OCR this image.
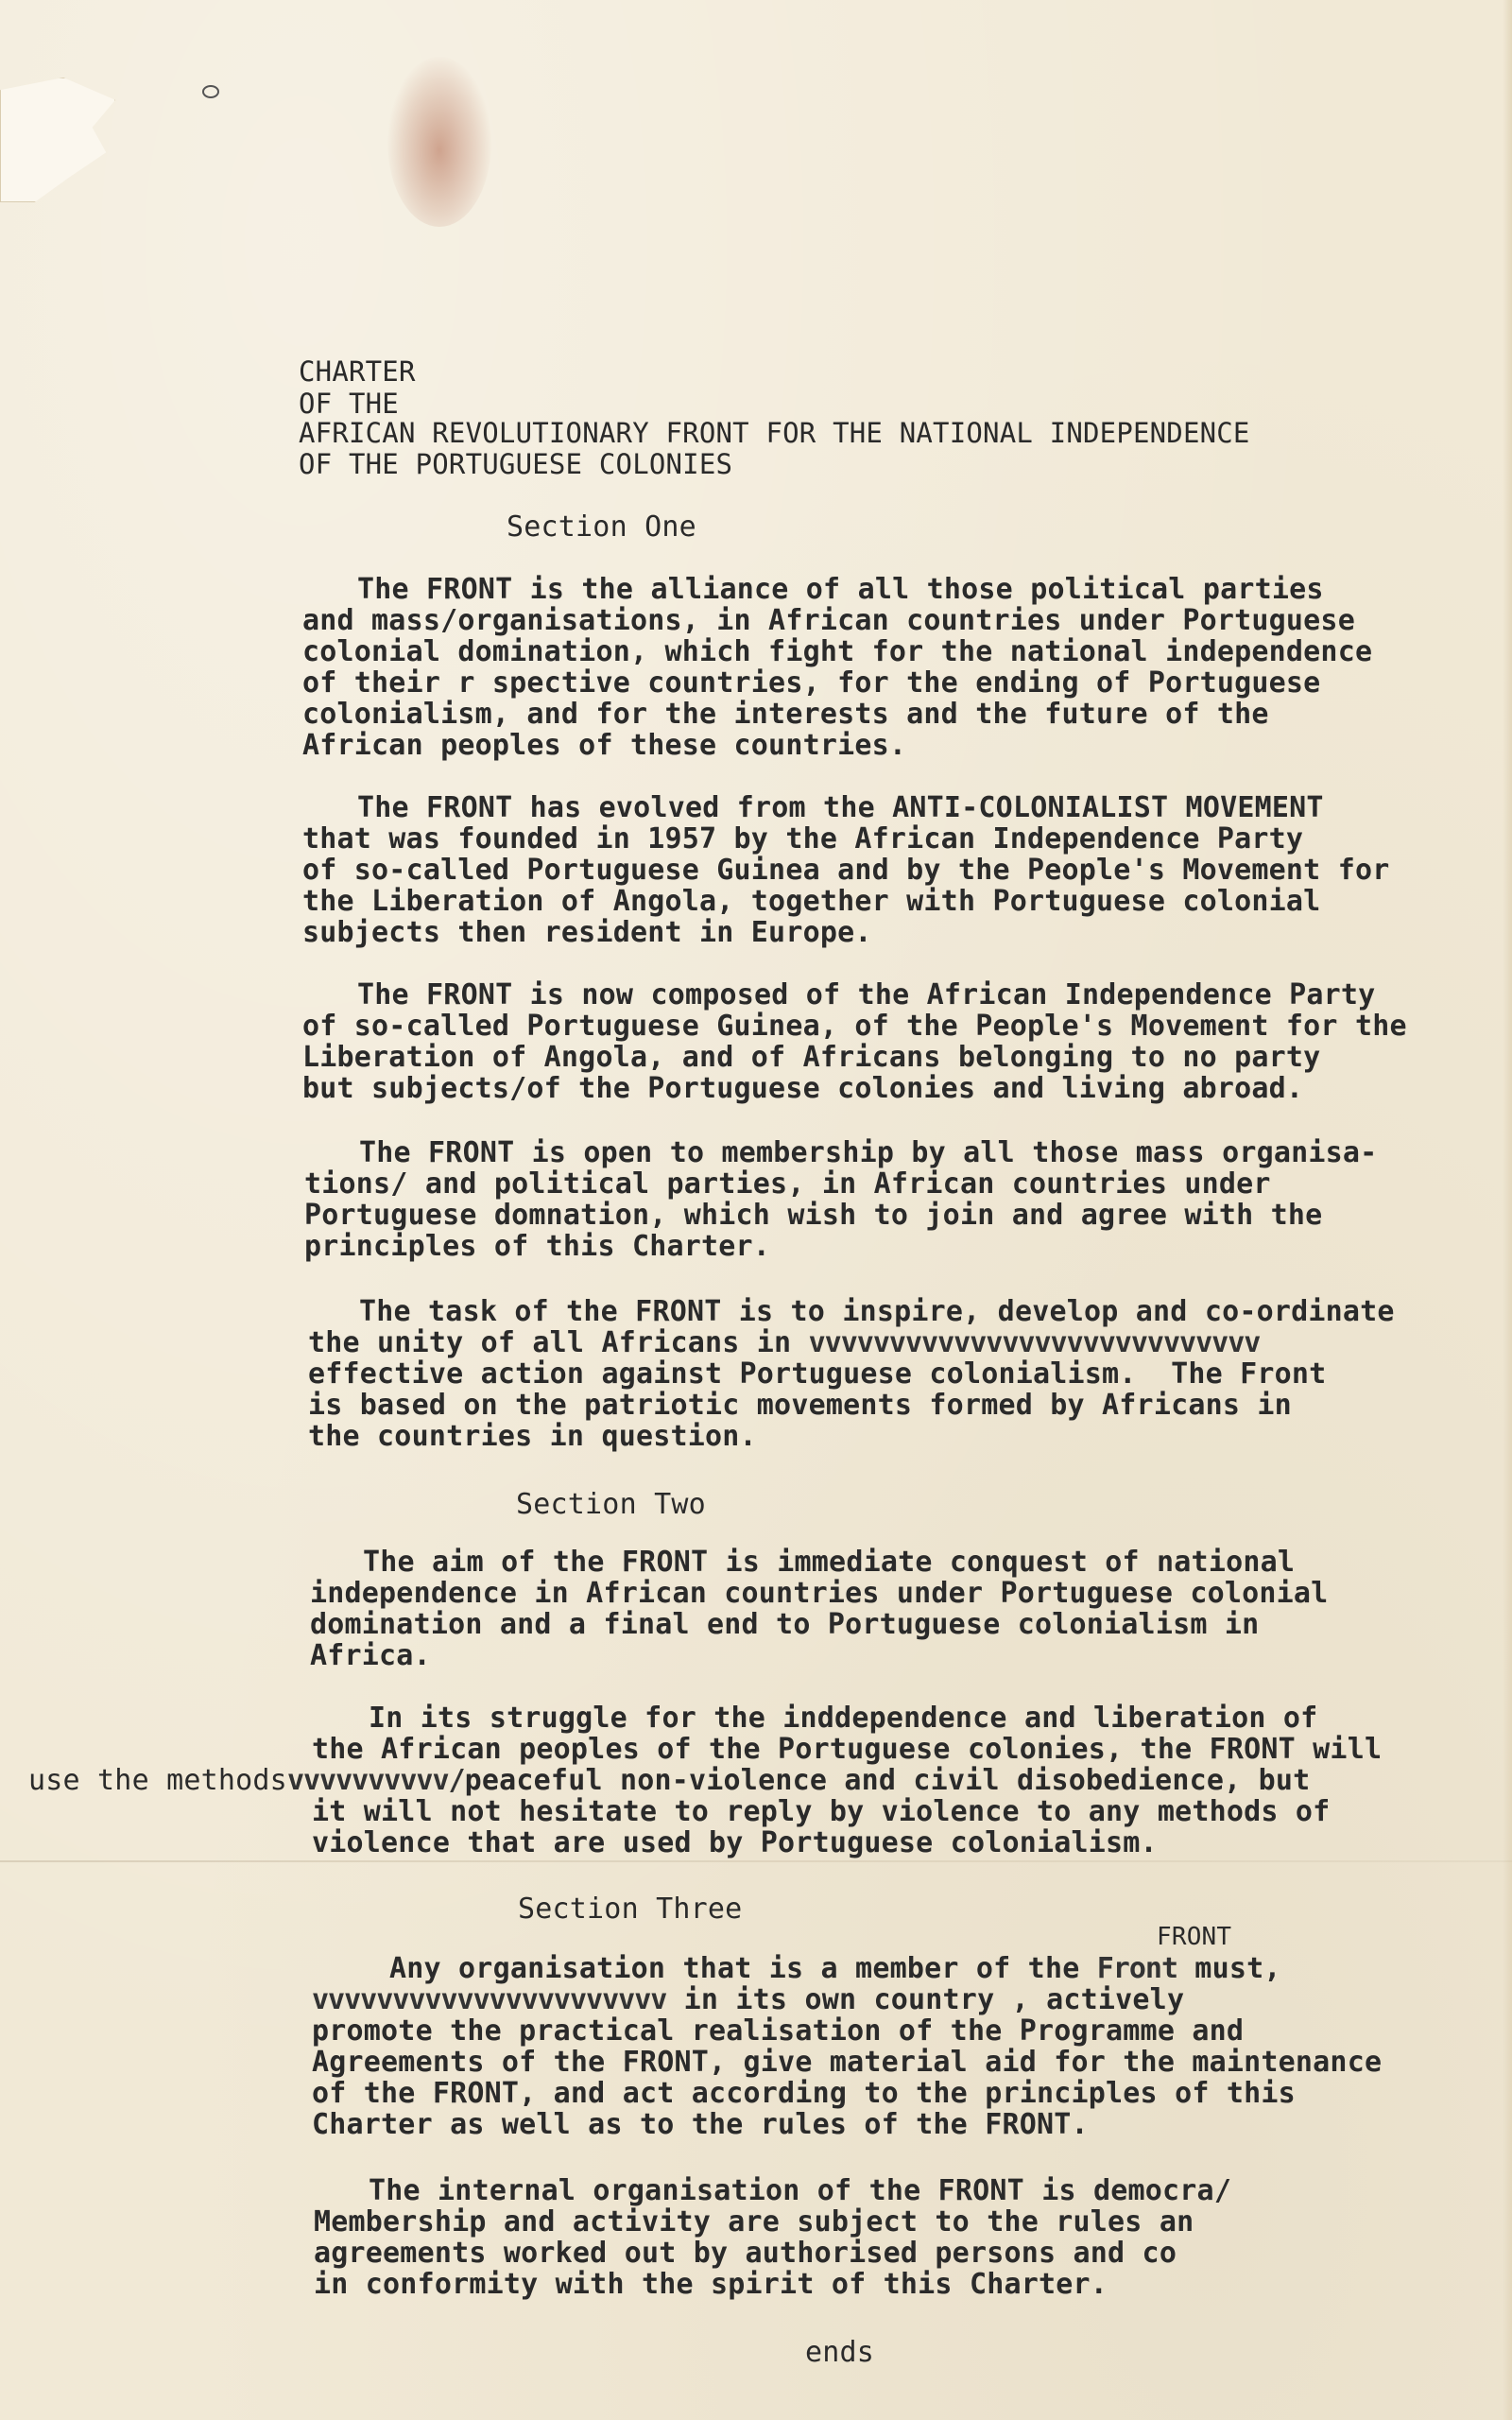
CHARTER
OF THE
AFRICAN REVOLUTIONARY FRONT FOR THE NATIONAL INDEPENDENCE
OF THE PORTUGUESE COLONIES
Section One
The FRONT is the alliance of all those political parties
and mass/organisations, in African countries under Portuguese
colonial domination, which fight for the national independence
of their r spective countries, for the ending of Portuguese
colonialism, and for the interests and the future of the
African peoples of these countries.
The FRONT has evolved from the ANTI-COLONIALIST MOVEMENT
that was founded in 1957 by the African Independence Party
of so-called Portuguese Guinea and by the People's Movement for
the Liberation of Angola, together with Portuguese colonial
subjects then resident in Europe.
The FRONT is now composed of the African Independence Party
of so-called Portuguese Guinea, of the People's Movement for the
Liberation of Angola, and of Africans belonging to no party
but subjects/of the Portuguese colonies and living abroad.
The FRONT is open to membership by all those mass organisa-
tions/ and political parties, in African countries under
Portuguese domnation, which wish to join and agree with the
principles of this Charter.
The task of the FRONT is to inspire, develop and co-ordinate
the unity of all Africans in vvvvvvvvvvvvvvvvvvvvvvvvvvvv
effective action against Portuguese colonialism.  The Front
is based on the patriotic movements formed by Africans in
the countries in question.
Section Two
The aim of the FRONT is immediate conquest of national
independence in African countries under Portuguese colonial
domination and a final end to Portuguese colonialism in
Africa.
In its struggle for the inddependence and liberation of
the African peoples of the Portuguese colonies, the FRONT will
use the methodsvvvvvvvvvv/peaceful non-violence and civil disobedience, but
it will not hesitate to reply by violence to any methods of
violence that are used by Portuguese colonialism.
Section Three
FRONT
Any organisation that is a member of the Front must,
vvvvvvvvvvvvvvvvvvvvvv in its own country , actively
promote the practical realisation of the Programme and
Agreements of the FRONT, give material aid for the maintenance
of the FRONT, and act according to the principles of this
Charter as well as to the rules of the FRONT.
The internal organisation of the FRONT is democra/
Membership and activity are subject to the rules an
agreements worked out by authorised persons and co
in conformity with the spirit of this Charter.
ends
